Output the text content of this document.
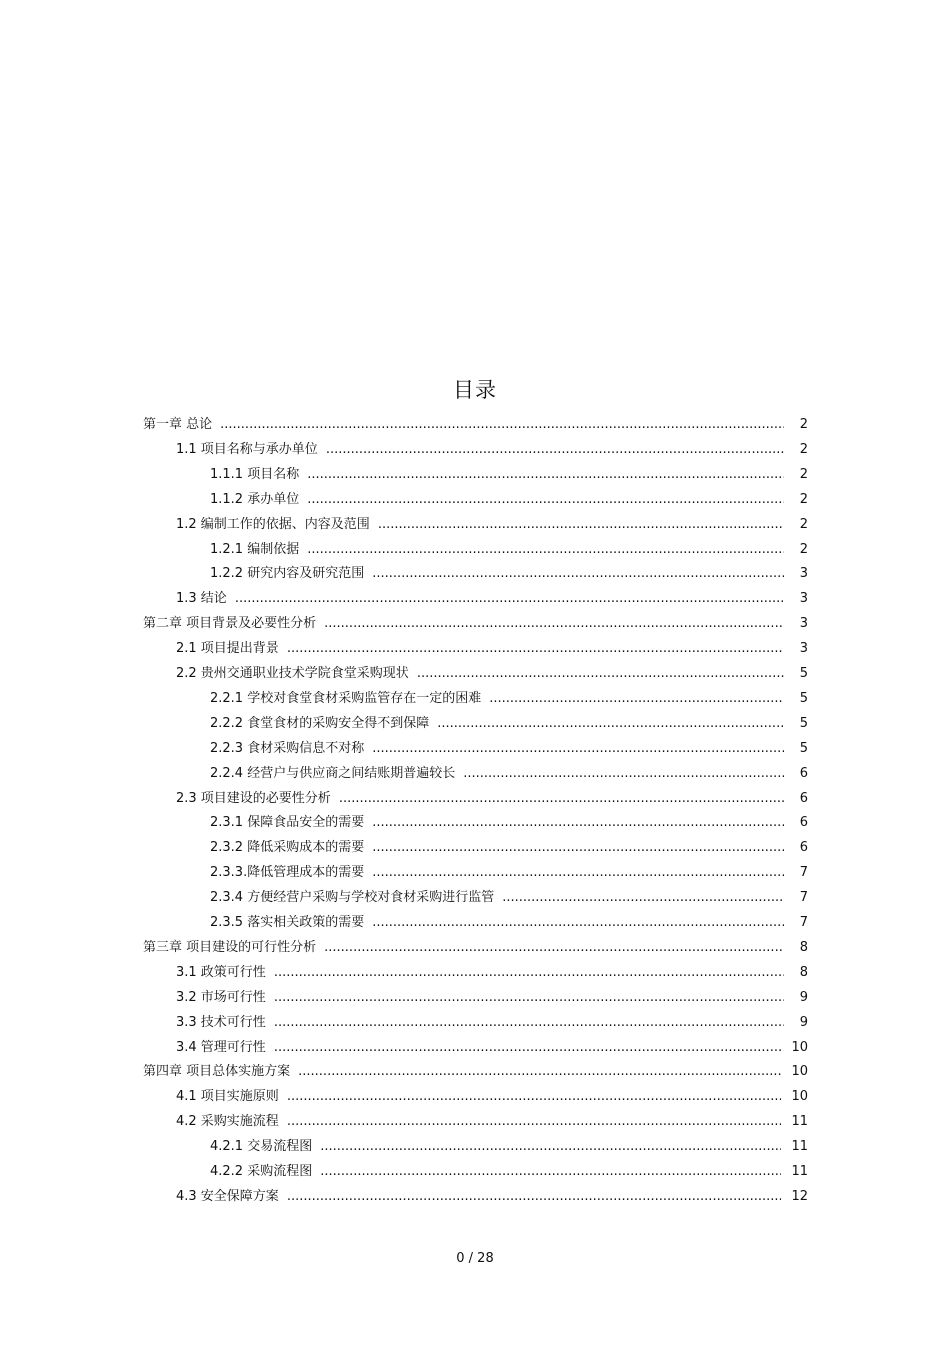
目录
第一章 总论 .....	2
1.1 项目名称与承办单位 .....	2
1.1.1 项目名称 .....	2
1.1.2 承办单位 .....	2
1.2 编制工作的依据、内容及范围 .....	2
1.2.1 编制依据 .....	2
1.2.2 研究内容及研究范围 .....	3
1.3 结论 .....	3
第二章 项目背景及必要性分析 .....	3
2.1 项目提出背景 .....	3
2.2 贵州交通职业技术学院食堂采购现状 .....	5
2.2.1 学校对食堂食材采购监管存在一定的困难 .....	5
2.2.2 食堂食材的采购安全得不到保障 .....	5
2.2.3 食材采购信息不对称 .....	5
2.2.4 经营户与供应商之间结账期普遍较长 .....	6
2.3 项目建设的必要性分析 .....	6
2.3.1 保障食品安全的需要 .....	6
2.3.2 降低采购成本的需要 .....	6
2.3.3.降低管理成本的需要 .....	7
2.3.4 方便经营户采购与学校对食材采购进行监管 .....	7
2.3.5 落实相关政策的需要 .....	7
第三章 项目建设的可行性分析 .....	8
3.1 政策可行性 .....	8
3.2 市场可行性 .....	9
3.3 技术可行性 .....	9
3.4 管理可行性 .....	10
第四章 项目总体实施方案 .....	10
4.1 项目实施原则 .....	10
4.2 采购实施流程 .....	11
4.2.1 交易流程图 .....	11
4.2.2 采购流程图 .....	11
4.3 安全保障方案 .....	12
0 / 28
